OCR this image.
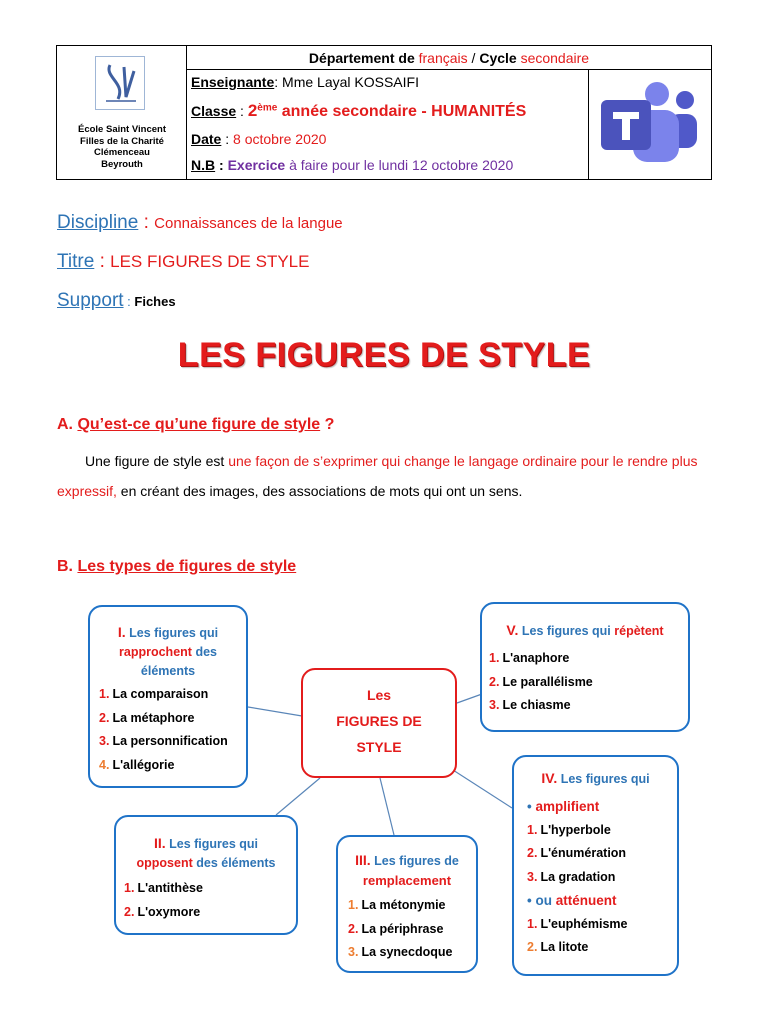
École Saint Vincent
Filles de la Charité
Clémenceau
Beyrouth
Département de français / Cycle secondaire
Enseignante: Mme Layal KOSSAIFI
Classe : 2ème année secondaire - HUMANITÉS
Date : 8 octobre 2020
N.B : Exercice à faire pour le lundi 12 octobre 2020
Discipline : Connaissances de la langue
Titre : LES FIGURES DE STYLE
Support : Fiches
LES FIGURES DE STYLE
A. Qu’est-ce qu’une figure de style ?
Une figure de style est une façon de s’exprimer qui change le langage ordinaire pour le rendre plus expressif, en créant des images, des associations de mots qui ont un sens.
B. Les types de figures de style
Les
FIGURES DE
STYLE
I. Les figures qui
rapprochent des
éléments
1. La comparaison
2. La métaphore
3. La personnification
4. L'allégorie
V. Les figures qui répètent
1. L'anaphore
2. Le parallélisme
3. Le chiasme
II. Les figures qui
opposent des éléments
1. L'antithèse
2. L'oxymore
III. Les figures de
remplacement
1. La métonymie
2. La périphrase
3. La synecdoque
IV. Les figures qui
• amplifient
1. L'hyperbole
2. L'énumération
3. La gradation
• ou atténuent
1. L'euphémisme
2. La litote
